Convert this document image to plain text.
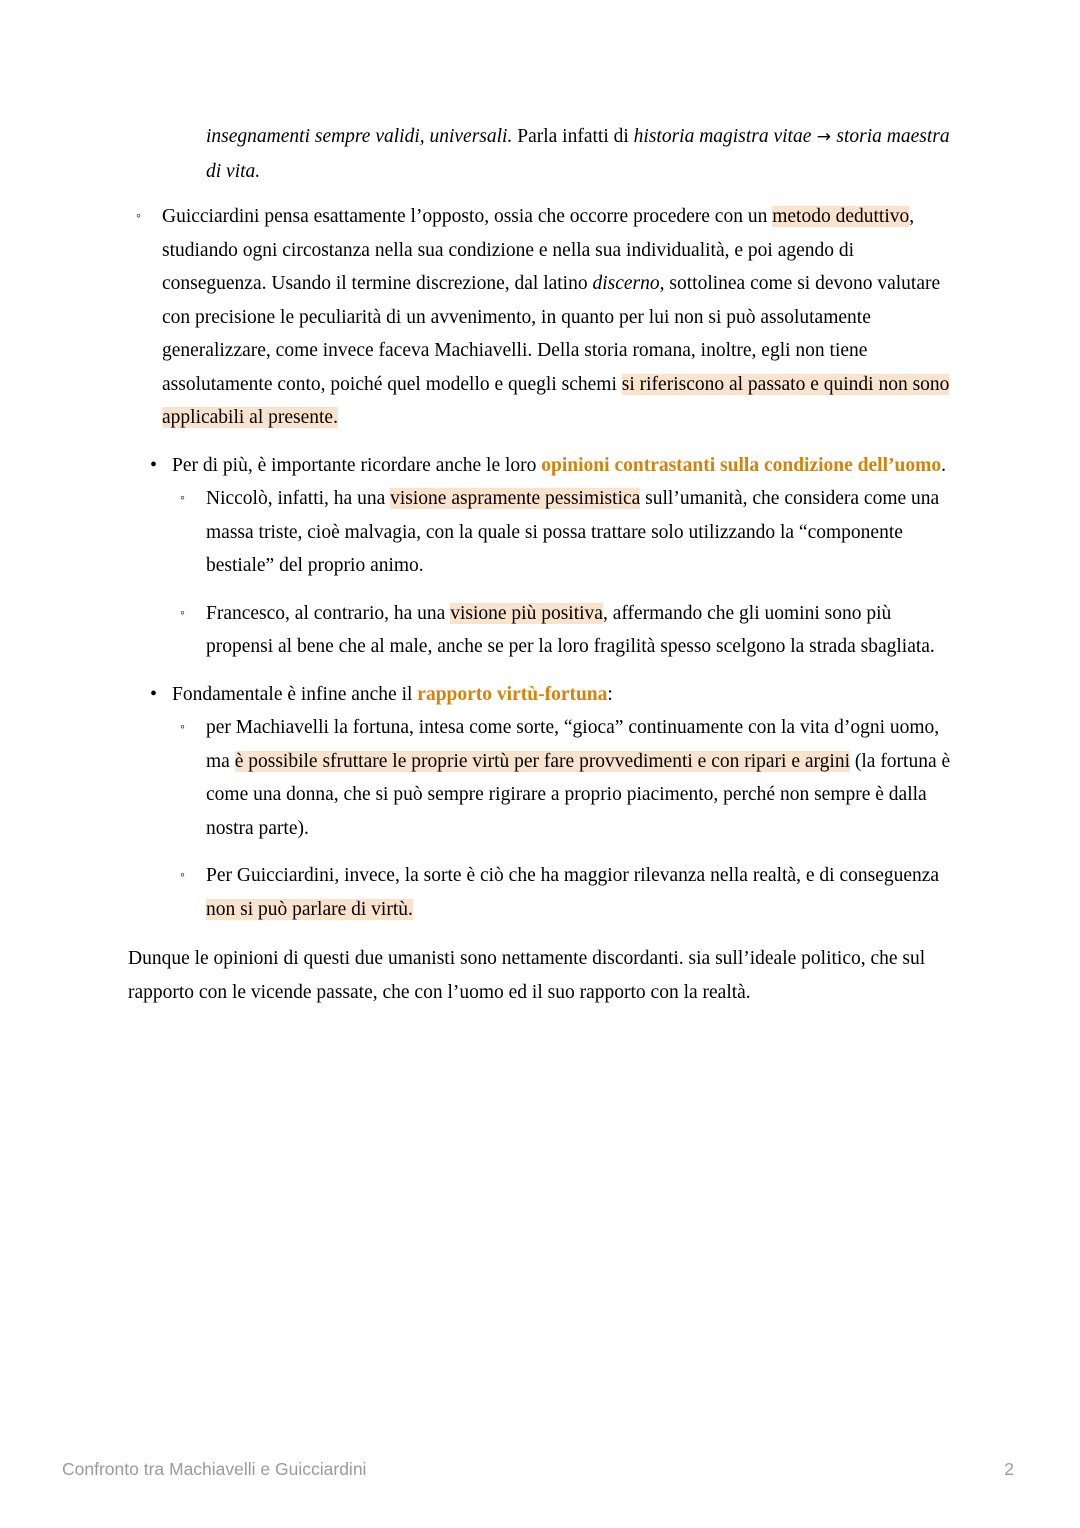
insegnamenti sempre validi, universali. Parla infatti di historia magistra vitae → storia maestra di vita.

◦ Guicciardini pensa esattamente l’opposto, ossia che occorre procedere con un metodo deduttivo, studiando ogni circostanza nella sua condizione e nella sua individualità, e poi agendo di conseguenza. Usando il termine discrezione, dal latino discerno, sottolinea come si devono valutare con precisione le peculiarità di un avvenimento, in quanto per lui non si può assolutamente generalizzare, come invece faceva Machiavelli. Della storia romana, inoltre, egli non tiene assolutamente conto, poiché quel modello e quegli schemi si riferiscono al passato e quindi non sono applicabili al presente.
• Per di più, è importante ricordare anche le loro opinioni contrastanti sulla condizione dell’uomo.
◦ Niccolò, infatti, ha una visione aspramente pessimistica sull’umanità, che considera come una massa triste, cioè malvagia, con la quale si possa trattare solo utilizzando la “componente bestiale” del proprio animo.
◦ Francesco, al contrario, ha una visione più positiva, affermando che gli uomini sono più propensi al bene che al male, anche se per la loro fragilità spesso scelgono la strada sbagliata.
• Fondamentale è infine anche il rapporto virtù-fortuna:
◦ per Machiavelli la fortuna, intesa come sorte, “gioca” continuamente con la vita d’ogni uomo, ma è possibile sfruttare le proprie virtù per fare provvedimenti e con ripari e argini (la fortuna è come una donna, che si può sempre rigirare a proprio piacimento, perché non sempre è dalla nostra parte).
◦ Per Guicciardini, invece, la sorte è ciò che ha maggior rilevanza nella realtà, e di conseguenza non si può parlare di virtù.

Dunque le opinioni di questi due umanisti sono nettamente discordanti. sia sull’ideale politico, che sul rapporto con le vicende passate, che con l’uomo ed il suo rapporto con la realtà.

Confronto tra Machiavelli e Guicciardini	2
